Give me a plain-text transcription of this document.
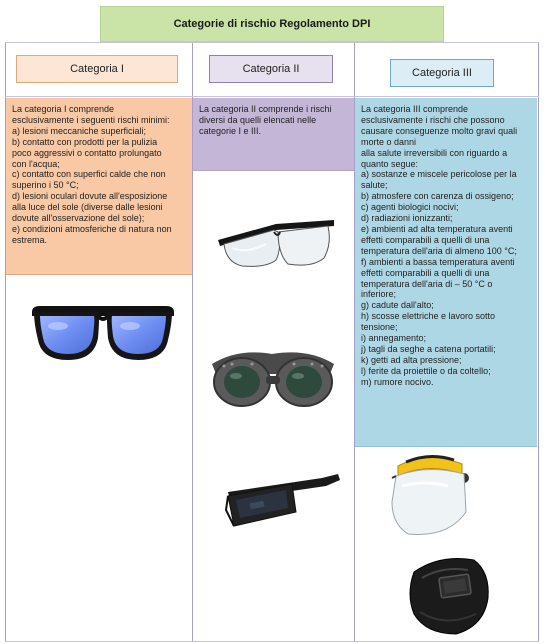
Categorie di rischio Regolamento DPI
Categoria I	Categoria II	Categoria III
La categoria I comprende
esclusivamente i seguenti rischi minimi:
a) lesioni meccaniche superficiali;
b) contatto con prodotti per la pulizia
poco aggressivi o contatto prolungato
con l'acqua;
c) contatto con superfici calde che non
superino i 50 °C;
d) lesioni oculari dovute all'esposizione
alla luce del sole (diverse dalle lesioni
dovute all'osservazione del sole);
e) condizioni atmosferiche di natura non
estrema.
La categoria II comprende i rischi
diversi da quelli elencati nelle
categorie I e III.
La categoria III comprende
esclusivamente i rischi che possono
causare conseguenze molto gravi quali
morte o danni
alla salute irreversibili con riguardo a
quanto segue:
a) sostanze e miscele pericolose per la
salute;
b) atmosfere con carenza di ossigeno;
c) agenti biologici nocivi;
d) radiazioni ionizzanti;
e) ambienti ad alta temperatura aventi
effetti comparabili a quelli di una
temperatura dell'aria di almeno 100 °C;
f) ambienti a bassa temperatura aventi
effetti comparabili a quelli di una
temperatura dell'aria di – 50 °C o
inferiore;
g) cadute dall'alto;
h) scosse elettriche e lavoro sotto
tensione;
i) annegamento;
j) tagli da seghe a catena portatili;
k) getti ad alta pressione;
l) ferite da proiettile o da coltello;
m) rumore nocivo.
